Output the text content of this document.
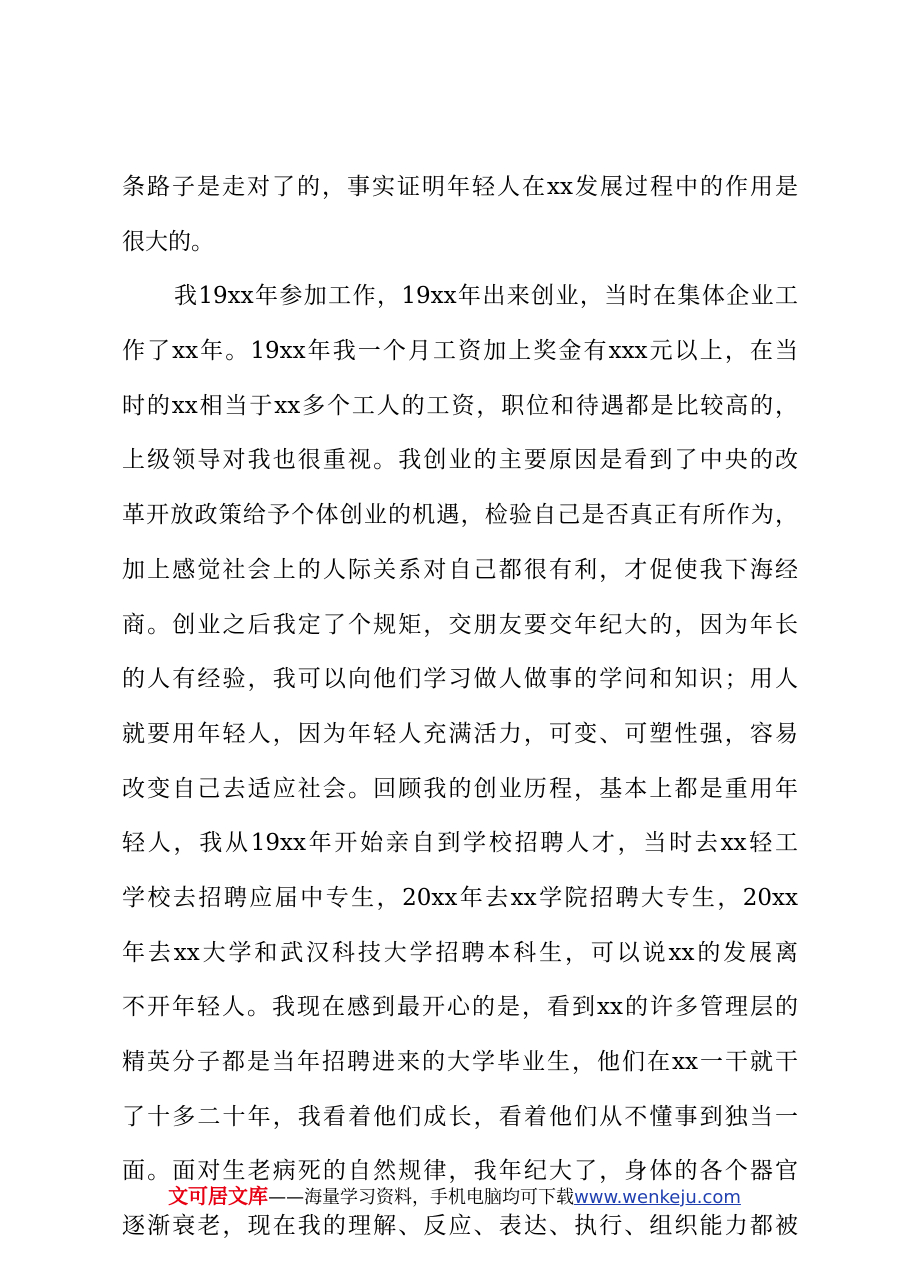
条路子是走对了的，事实证明年轻人在xx发展过程中的作用是
很大的。
我19xx年参加工作，19xx年出来创业，当时在集体企业工
作了xx年。19xx年我一个月工资加上奖金有xxx元以上，在当
时的xx相当于xx多个工人的工资，职位和待遇都是比较高的，
上级领导对我也很重视。我创业的主要原因是看到了中央的改
革开放政策给予个体创业的机遇，检验自己是否真正有所作为，
加上感觉社会上的人际关系对自己都很有利，才促使我下海经
商。创业之后我定了个规矩，交朋友要交年纪大的，因为年长
的人有经验，我可以向他们学习做人做事的学问和知识；用人
就要用年轻人，因为年轻人充满活力，可变、可塑性强，容易
改变自己去适应社会。回顾我的创业历程，基本上都是重用年
轻人，我从19xx年开始亲自到学校招聘人才，当时去xx轻工
学校去招聘应届中专生，20xx年去xx学院招聘大专生，20xx
年去xx大学和武汉科技大学招聘本科生，可以说xx的发展离
不开年轻人。我现在感到最开心的是，看到xx的许多管理层的
精英分子都是当年招聘进来的大学毕业生，他们在xx一干就干
了十多二十年，我看着他们成长，看着他们从不懂事到独当一
面。面对生老病死的自然规律，我年纪大了，身体的各个器官
逐渐衰老，现在我的理解、反应、表达、执行、组织能力都被
文可居文库——海量学习资料，手机电脑均可下载www.wenkeju.com
